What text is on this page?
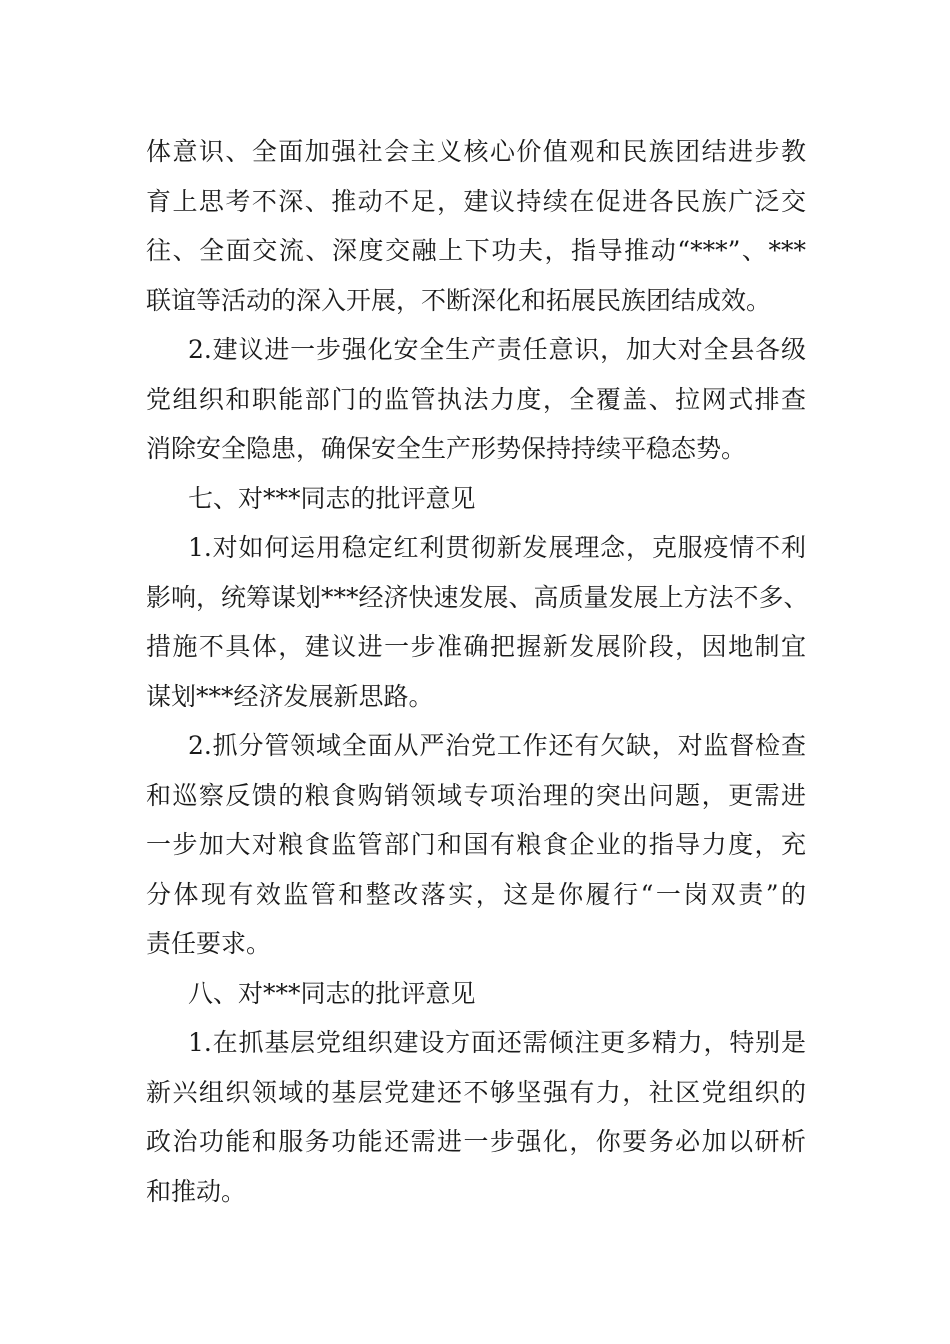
体意识、全面加强社会主义核心价值观和民族团结进步教
育上思考不深、推动不足，建议持续在促进各民族广泛交
往、全面交流、深度交融上下功夫，指导推动“***”、***
联谊等活动的深入开展，不断深化和拓展民族团结成效。
2.建议进一步强化安全生产责任意识，加大对全县各级
党组织和职能部门的监管执法力度，全覆盖、拉网式排查
消除安全隐患，确保安全生产形势保持持续平稳态势。
七、对***同志的批评意见
1.对如何运用稳定红利贯彻新发展理念，克服疫情不利
影响，统筹谋划***经济快速发展、高质量发展上方法不多、
措施不具体，建议进一步准确把握新发展阶段，因地制宜
谋划***经济发展新思路。
2.抓分管领域全面从严治党工作还有欠缺，对监督检查
和巡察反馈的粮食购销领域专项治理的突出问题，更需进
一步加大对粮食监管部门和国有粮食企业的指导力度，充
分体现有效监管和整改落实，这是你履行“一岗双责”的
责任要求。
八、对***同志的批评意见
1.在抓基层党组织建设方面还需倾注更多精力，特别是
新兴组织领域的基层党建还不够坚强有力，社区党组织的
政治功能和服务功能还需进一步强化，你要务必加以研析
和推动。
